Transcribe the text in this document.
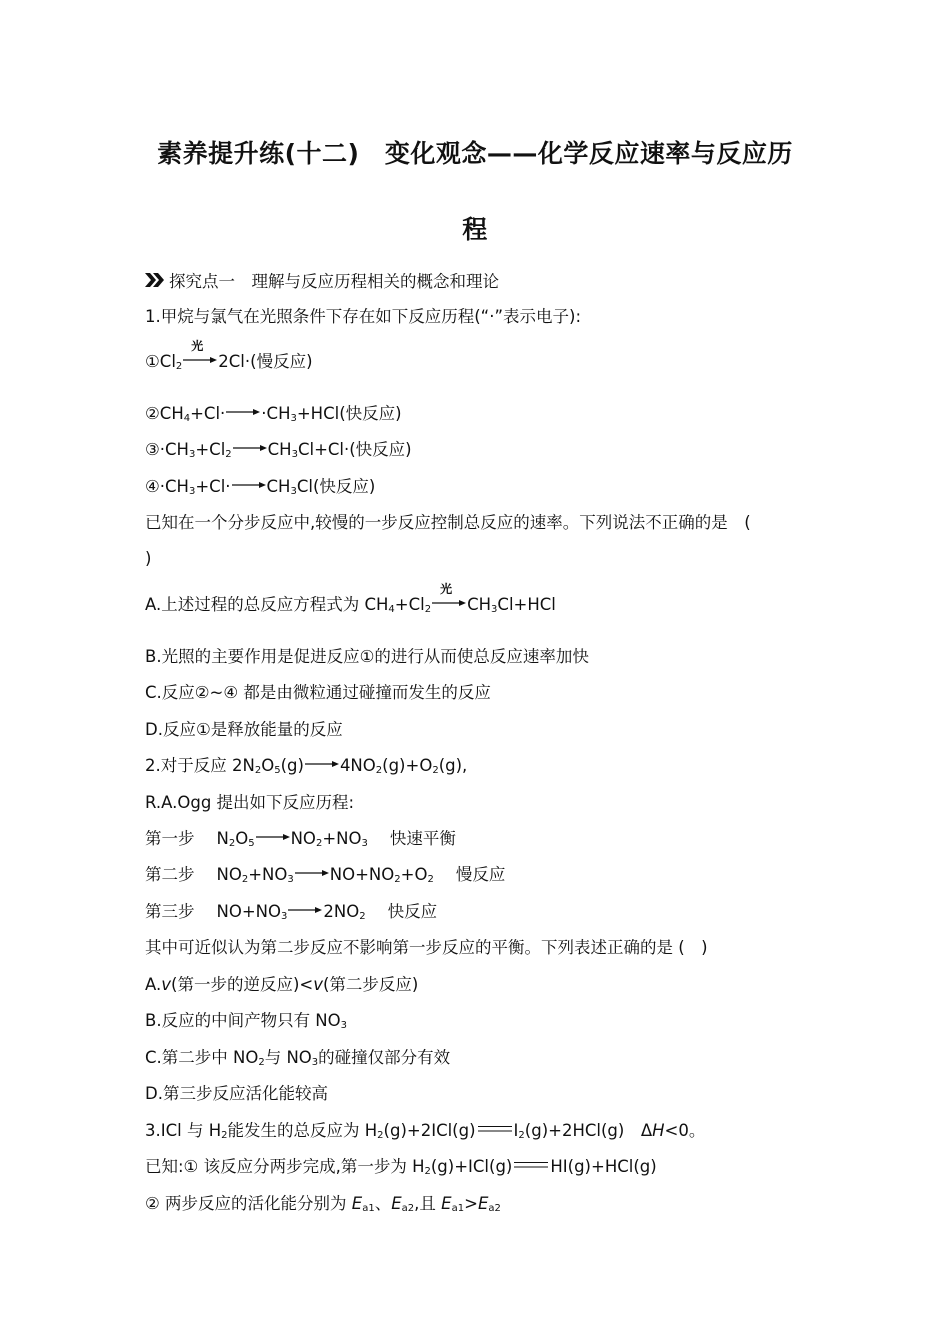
素养提升练(十二)　变化观念——化学反应速率与反应历
程
探究点一　理解与反应历程相关的概念和理论
1.甲烷与氯气在光照条件下存在如下反应历程(“·”表示电子):
$①Cl_2$
光
2Cl·(慢反应)
$②CH_4+Cl\cdot \cdot CH_3+HCl$(快反应)
$③\cdot CH_3+Cl_2$ $CH_3Cl+Cl\cdot$(快反应)
$④\cdot CH_3+Cl\cdot CH_3Cl$(快反应)
已知在一个分步反应中,较慢的一步反应控制总反应的速率。下列说法不正确的是　(
)
A.上述过程的总反应方程式为 $CH_4+Cl_2$
光
$CH_3Cl+HCl$
B.光照的主要作用是促进反应①的进行从而使总反应速率加快
C.反应②~④ 都是由微粒通过碰撞而发生的反应
D.反应①是释放能量的反应
2.对于反应 $2N_2O_5(g)$ $4NO_2(g)+O_2(g)$,
R.A.Ogg 提出如下反应历程:
第一步 $N_2O_5$ $NO_2+NO_3$ 快速平衡
第二步 $NO_2+NO_3$ $NO+NO_2+O_2$ 慢反应
第三步 $NO+NO_3$ $2NO_2$ 快反应
其中可近似认为第二步反应不影响第一步反应的平衡。下列表述正确的是 (　)
A.v(第一步的逆反应)<v(第二步反应)
B.反应的中间产物只有 $NO_3$
C.第二步中 $NO_2$与 $NO_3$的碰撞仅部分有效
D.第三步反应活化能较高
3.ICl 与 $H_2$能发生的总反应为 $H_2(g)+2ICl(g)$ $I_2(g)+2HCl(g)$　ΔH<0。
已知:① 该反应分两步完成,第一步为 $H_2(g)+ICl(g)$ HI(g)+HCl(g)
② 两步反应的活化能分别为 $E_{a1}$、$E_{a2}$,且 $E_{a1}>E_{a2}$
